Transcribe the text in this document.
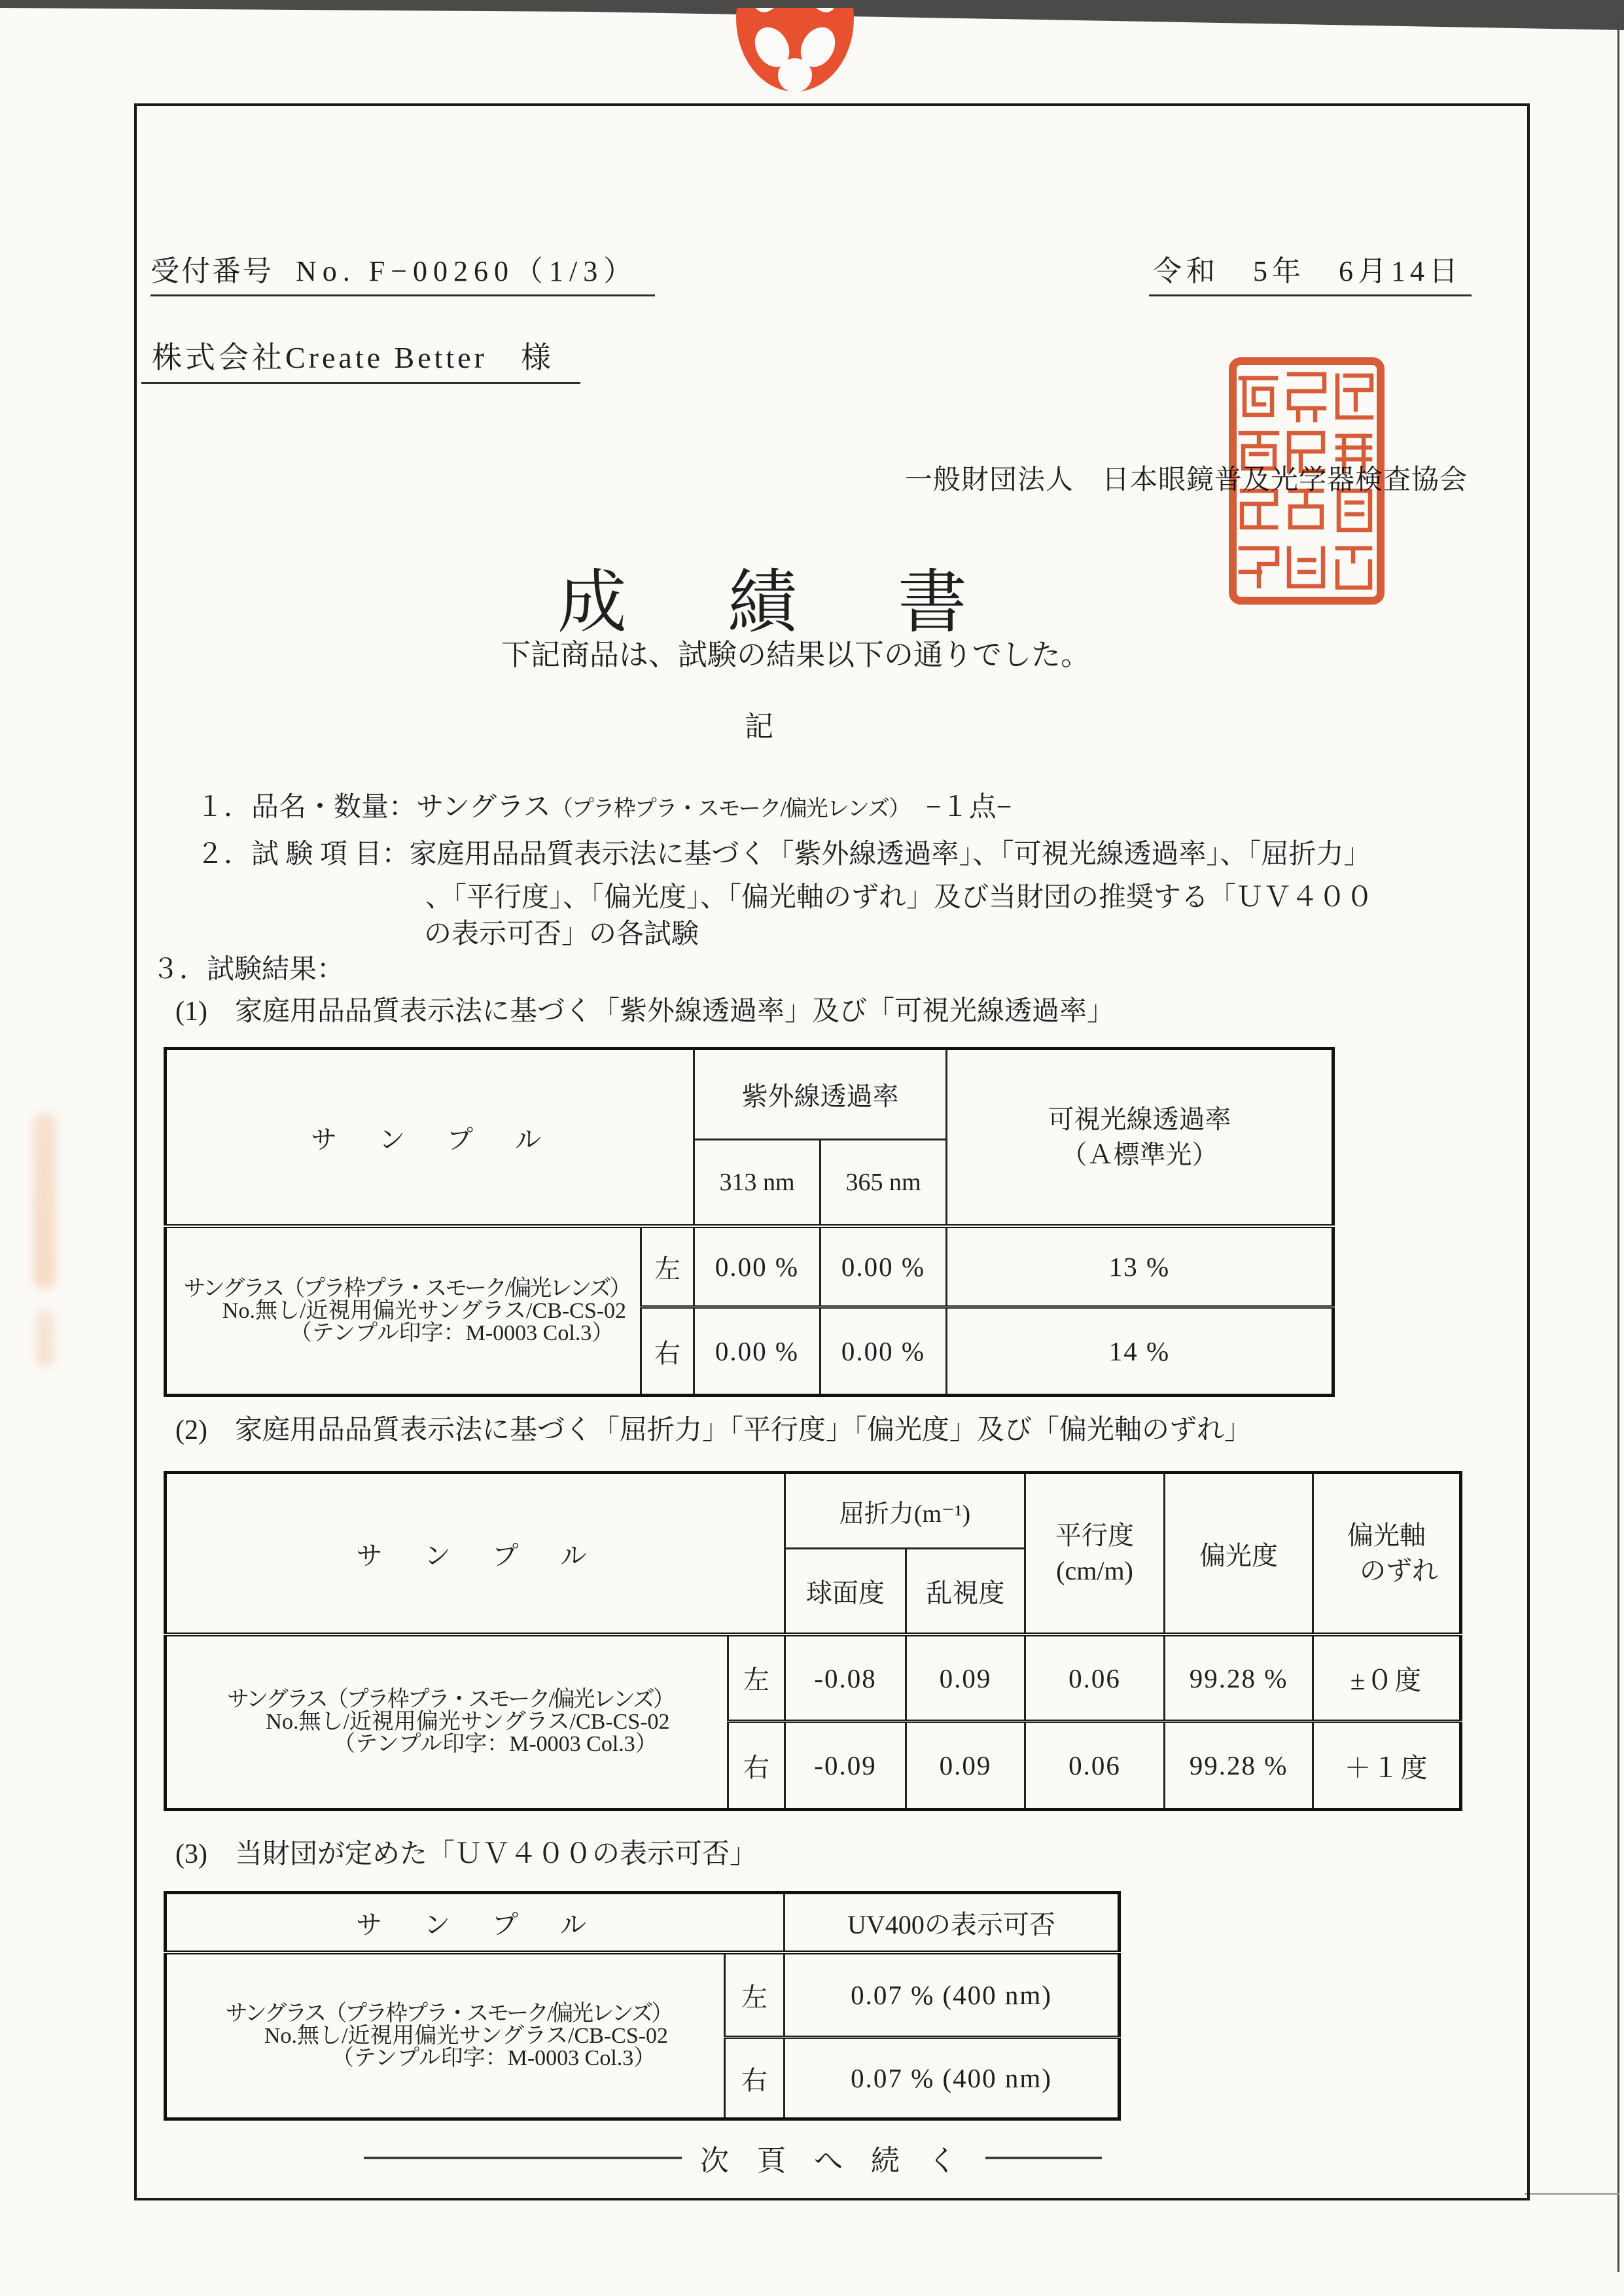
受付番号 No. F−00260（1/3）	令和　5年　6月14日
株式会社Create Better　様
一般財団法人　日本眼鏡普及光学器検査協会
成　績　書
下記商品は、試験の結果以下の通りでした。
記
１．品名・数量：サングラス（プラ枠プラ・スモーク/偏光レンズ）　−１点−
２．試 験 項 目：家庭用品品質表示法に基づく「紫外線透過率」、「可視光線透過率」、「屈折力」
、「平行度」、「偏光度」、「偏光軸のずれ」及び当財団の推奨する「ＵＶ４００
の表示可否」の各試験
３．試験結果：
(1)　家庭用品品質表示法に基づく「紫外線透過率」及び「可視光線透過率」
サ　ン　プ　ル		紫外線透過率		可視光線透過率
（Ａ標準光）

		313 nm	365 nm	

サングラス（プラ枠プラ・スモーク/偏光レンズ）
No.無し/近視用偏光サングラス/CB-CS-02
（テンプル印字：M-0003 Col.3）	左	0.00 %	0.00 %	13 %
	右	0.00 %	0.00 %	14 %
(2)　家庭用品品質表示法に基づく「屈折力」「平行度」「偏光度」及び「偏光軸のずれ」
サ　ン　プ　ル		屈折力(m⁻¹)		平行度
(cm/m)	偏光度	偏光軸
のずれ

		球面度	乱視度			

サングラス（プラ枠プラ・スモーク/偏光レンズ）
No.無し/近視用偏光サングラス/CB-CS-02
（テンプル印字：M-0003 Col.3）	左	-0.08	0.09	0.06	99.28 %	±０度
	右	-0.09	0.09	0.06	99.28 %	＋１度
(3)　当財団が定めた「ＵＶ４００の表示可否」
サ　ン　プ　ル		UV400の表示可否

サングラス（プラ枠プラ・スモーク/偏光レンズ）
No.無し/近視用偏光サングラス/CB-CS-02
（テンプル印字：M-0003 Col.3）	左	0.07 % (400 nm)
	右	0.07 % (400 nm)
次 頁 へ 続 く
